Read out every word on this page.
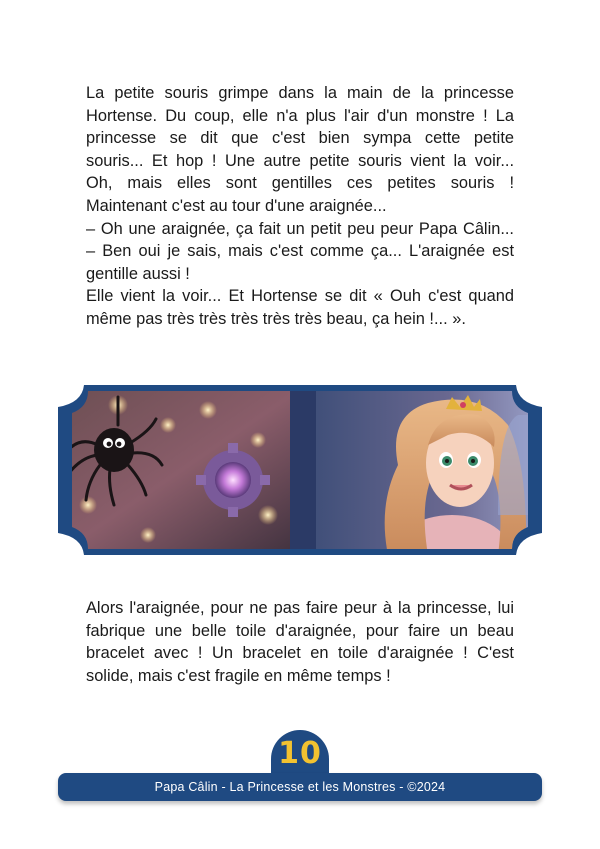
La petite souris grimpe dans la main de la princesse
Hortense. Du coup, elle n'a plus l'air d'un monstre ! La
princesse se dit que c'est bien sympa cette petite
souris... Et hop ! Une autre petite souris vient la voir...
Oh, mais elles sont gentilles ces petites souris !
Maintenant c'est au tour d'une araignée...
– Oh une araignée, ça fait un petit peu peur Papa Câlin...
– Ben oui je sais, mais c'est comme ça... L'araignée est
gentille aussi !
Elle vient la voir... Et Hortense se dit « Ouh c'est quand
même pas très très très très très beau, ça hein !... ».
Alors l'araignée, pour ne pas faire peur à la princesse, lui
fabrique une belle toile d'araignée, pour faire un beau
bracelet avec ! Un bracelet en toile d'araignée ! C'est
solide, mais c'est fragile en même temps !
10
Papa Câlin - La Princesse et les Monstres - ©2024
